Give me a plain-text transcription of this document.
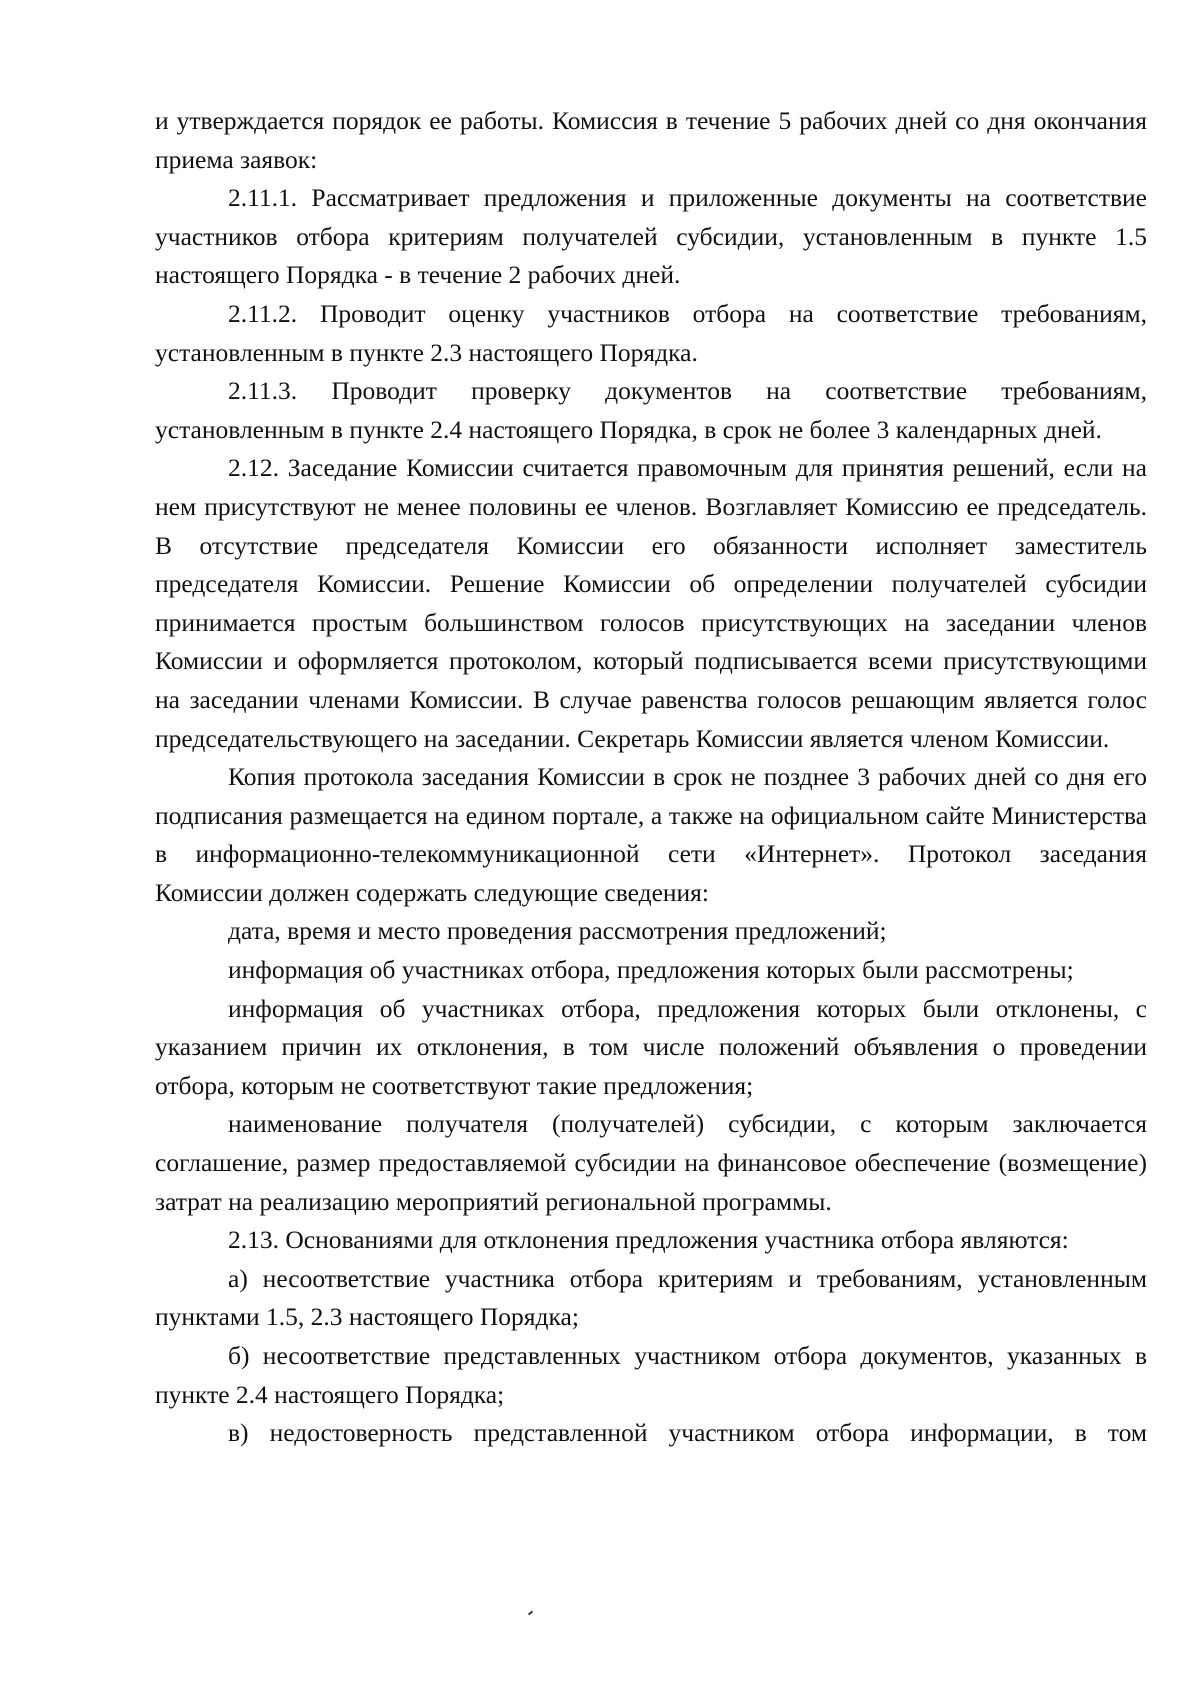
и утверждается порядок ее работы. Комиссия в течение 5 рабочих дней со дня окончания приема заявок:

2.11.1. Рассматривает предложения и приложенные документы на соответствие участников отбора критериям получателей субсидии, установленным в пункте 1.5 настоящего Порядка - в течение 2 рабочих дней.

2.11.2. Проводит оценку участников отбора на соответствие требованиям, установленным в пункте 2.3 настоящего Порядка.

2.11.3. Проводит проверку документов на соответствие требованиям, установленным в пункте 2.4 настоящего Порядка, в срок не более 3 календарных дней.

2.12. Заседание Комиссии считается правомочным для принятия решений, если на нем присутствуют не менее половины ее членов. Возглавляет Комиссию ее председатель. В отсутствие председателя Комиссии его обязанности исполняет заместитель председателя Комиссии. Решение Комиссии об определении получателей субсидии принимается простым большинством голосов присутствующих на заседании членов Комиссии и оформляется протоколом, который подписывается всеми присутствующими на заседании членами Комиссии. В случае равенства голосов решающим является голос председательствующего на заседании. Секретарь Комиссии является членом Комиссии.

Копия протокола заседания Комиссии в срок не позднее 3 рабочих дней со дня его подписания размещается на едином портале, а также на официальном сайте Министерства в информационно-телекоммуникационной сети «Интернет». Протокол заседания Комиссии должен содержать следующие сведения:

дата, время и место проведения рассмотрения предложений;

информация об участниках отбора, предложения которых были рассмотрены;

информация об участниках отбора, предложения которых были отклонены, с указанием причин их отклонения, в том числе положений объявления о проведении отбора, которым не соответствуют такие предложения;

наименование получателя (получателей) субсидии, с которым заключается соглашение, размер предоставляемой субсидии на финансовое обеспечение (возмещение) затрат на реализацию мероприятий региональной программы.

2.13. Основаниями для отклонения предложения участника отбора являются:

а) несоответствие участника отбора критериям и требованиям, установленным пунктами 1.5, 2.3 настоящего Порядка;

б) несоответствие представленных участником отбора документов, указанных в пункте 2.4 настоящего Порядка;

в) недостоверность представленной участником отбора информации, в том
